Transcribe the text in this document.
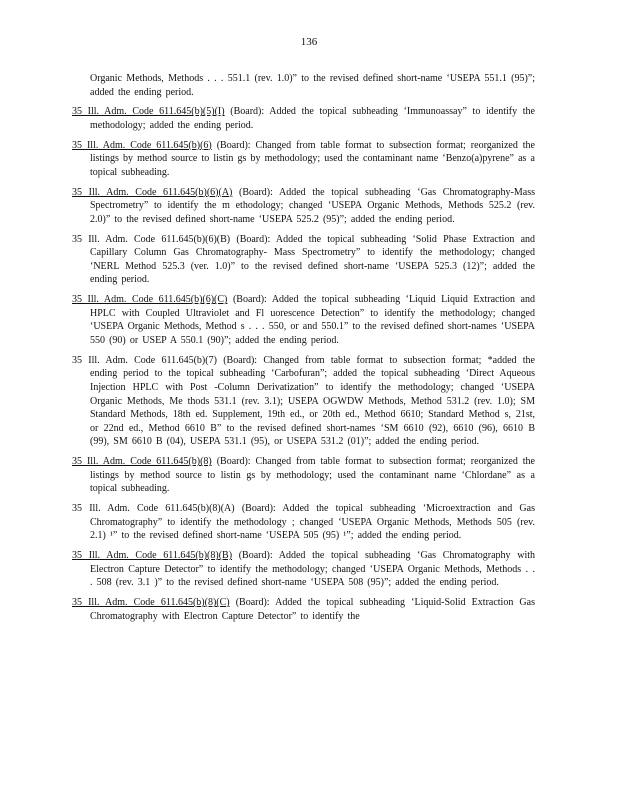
136

Organic Methods, Methods . . . 551.1 (rev. 1.0)” to the revised defined short-name ‘USEPA 551.1 (95)”; added the ending period.

35 Ill. Adm. Code 611.645(b)(5)(I) (Board): Added the topical subheading ‘Immunoassay” to identify the methodology; added the ending period.

35 Ill. Adm. Code 611.645(b)(6) (Board): Changed from table format to subsection format; reorganized the listings by method source to listin gs by methodology; used the contaminant name ‘Benzo(a)pyrene” as a topical subheading.

35 Ill. Adm. Code 611.645(b)(6)(A) (Board): Added the topical subheading ‘Gas Chromatography-Mass Spectrometry” to identify the m ethodology; changed ‘USEPA Organic Methods, Methods 525.2 (rev. 2.0)” to the revised defined short-name ‘USEPA 525.2 (95)”; added the ending period.

35 Ill. Adm. Code 611.645(b)(6)(B) (Board): Added the topical subheading ‘Solid Phase Extraction and Capillary Column Gas Chromatography- Mass Spectrometry” to identify the methodology; changed ‘NERL Method 525.3 (ver. 1.0)” to the revised defined short-name ‘USEPA 525.3 (12)”; added the ending period.

35 Ill. Adm. Code 611.645(b)(6)(C) (Board): Added the topical subheading ‘Liquid Liquid Extraction and HPLC with Coupled Ultraviolet and Fl uorescence Detection” to identify the methodology; changed ‘USEPA Organic Methods, Method s . . . 550, or and 550.1” to the revised defined short-names ‘USEPA 550 (90) or USEP A 550.1 (90)”; added the ending period.

35 Ill. Adm. Code 611.645(b)(7) (Board): Changed from table format to subsection format; *added the ending period to the topical subheading ‘Carbofuran”; added the topical subheading ‘Direct Aqueous Injection HPLC with Post -Column Derivatization” to identify the methodology; changed ‘USEPA Organic Methods, Me thods 531.1 (rev. 3.1); USEPA OGWDW Methods, Method 531.2 (rev. 1.0); SM Standard Methods, 18th ed. Supplement, 19th ed., or 20th ed., Method 6610; Standard Method s, 21st, or 22nd ed., Method 6610 B” to the revised defined short-names ‘SM 6610 (92), 6610 (96), 6610 B (99), SM 6610 B (04), USEPA 531.1 (95), or USEPA 531.2 (01)”; added the ending period.

35 Ill. Adm. Code 611.645(b)(8) (Board): Changed from table format to subsection format; reorganized the listings by method source to listin gs by methodology; used the contaminant name ‘Chlordane” as a topical subheading.

35 Ill. Adm. Code 611.645(b)(8)(A) (Board): Added the topical subheading ‘Microextraction and Gas Chromatography” to identify the methodology ; changed ‘USEPA Organic Methods, Methods 505 (rev. 2.1) ¹” to the revised defined short-name ‘USEPA 505 (95) ¹”; added the ending period.

35 Ill. Adm. Code 611.645(b)(8)(B) (Board): Added the topical subheading ‘Gas Chromatography with Electron Capture Detector” to identify the methodology; changed ‘USEPA Organic Methods, Methods . . . 508 (rev. 3.1 )” to the revised defined short-name ‘USEPA 508 (95)”; added the ending period.

35 Ill. Adm. Code 611.645(b)(8)(C) (Board): Added the topical subheading ‘Liquid-Solid Extraction Gas Chromatography with Electron Capture Detector” to identify the
